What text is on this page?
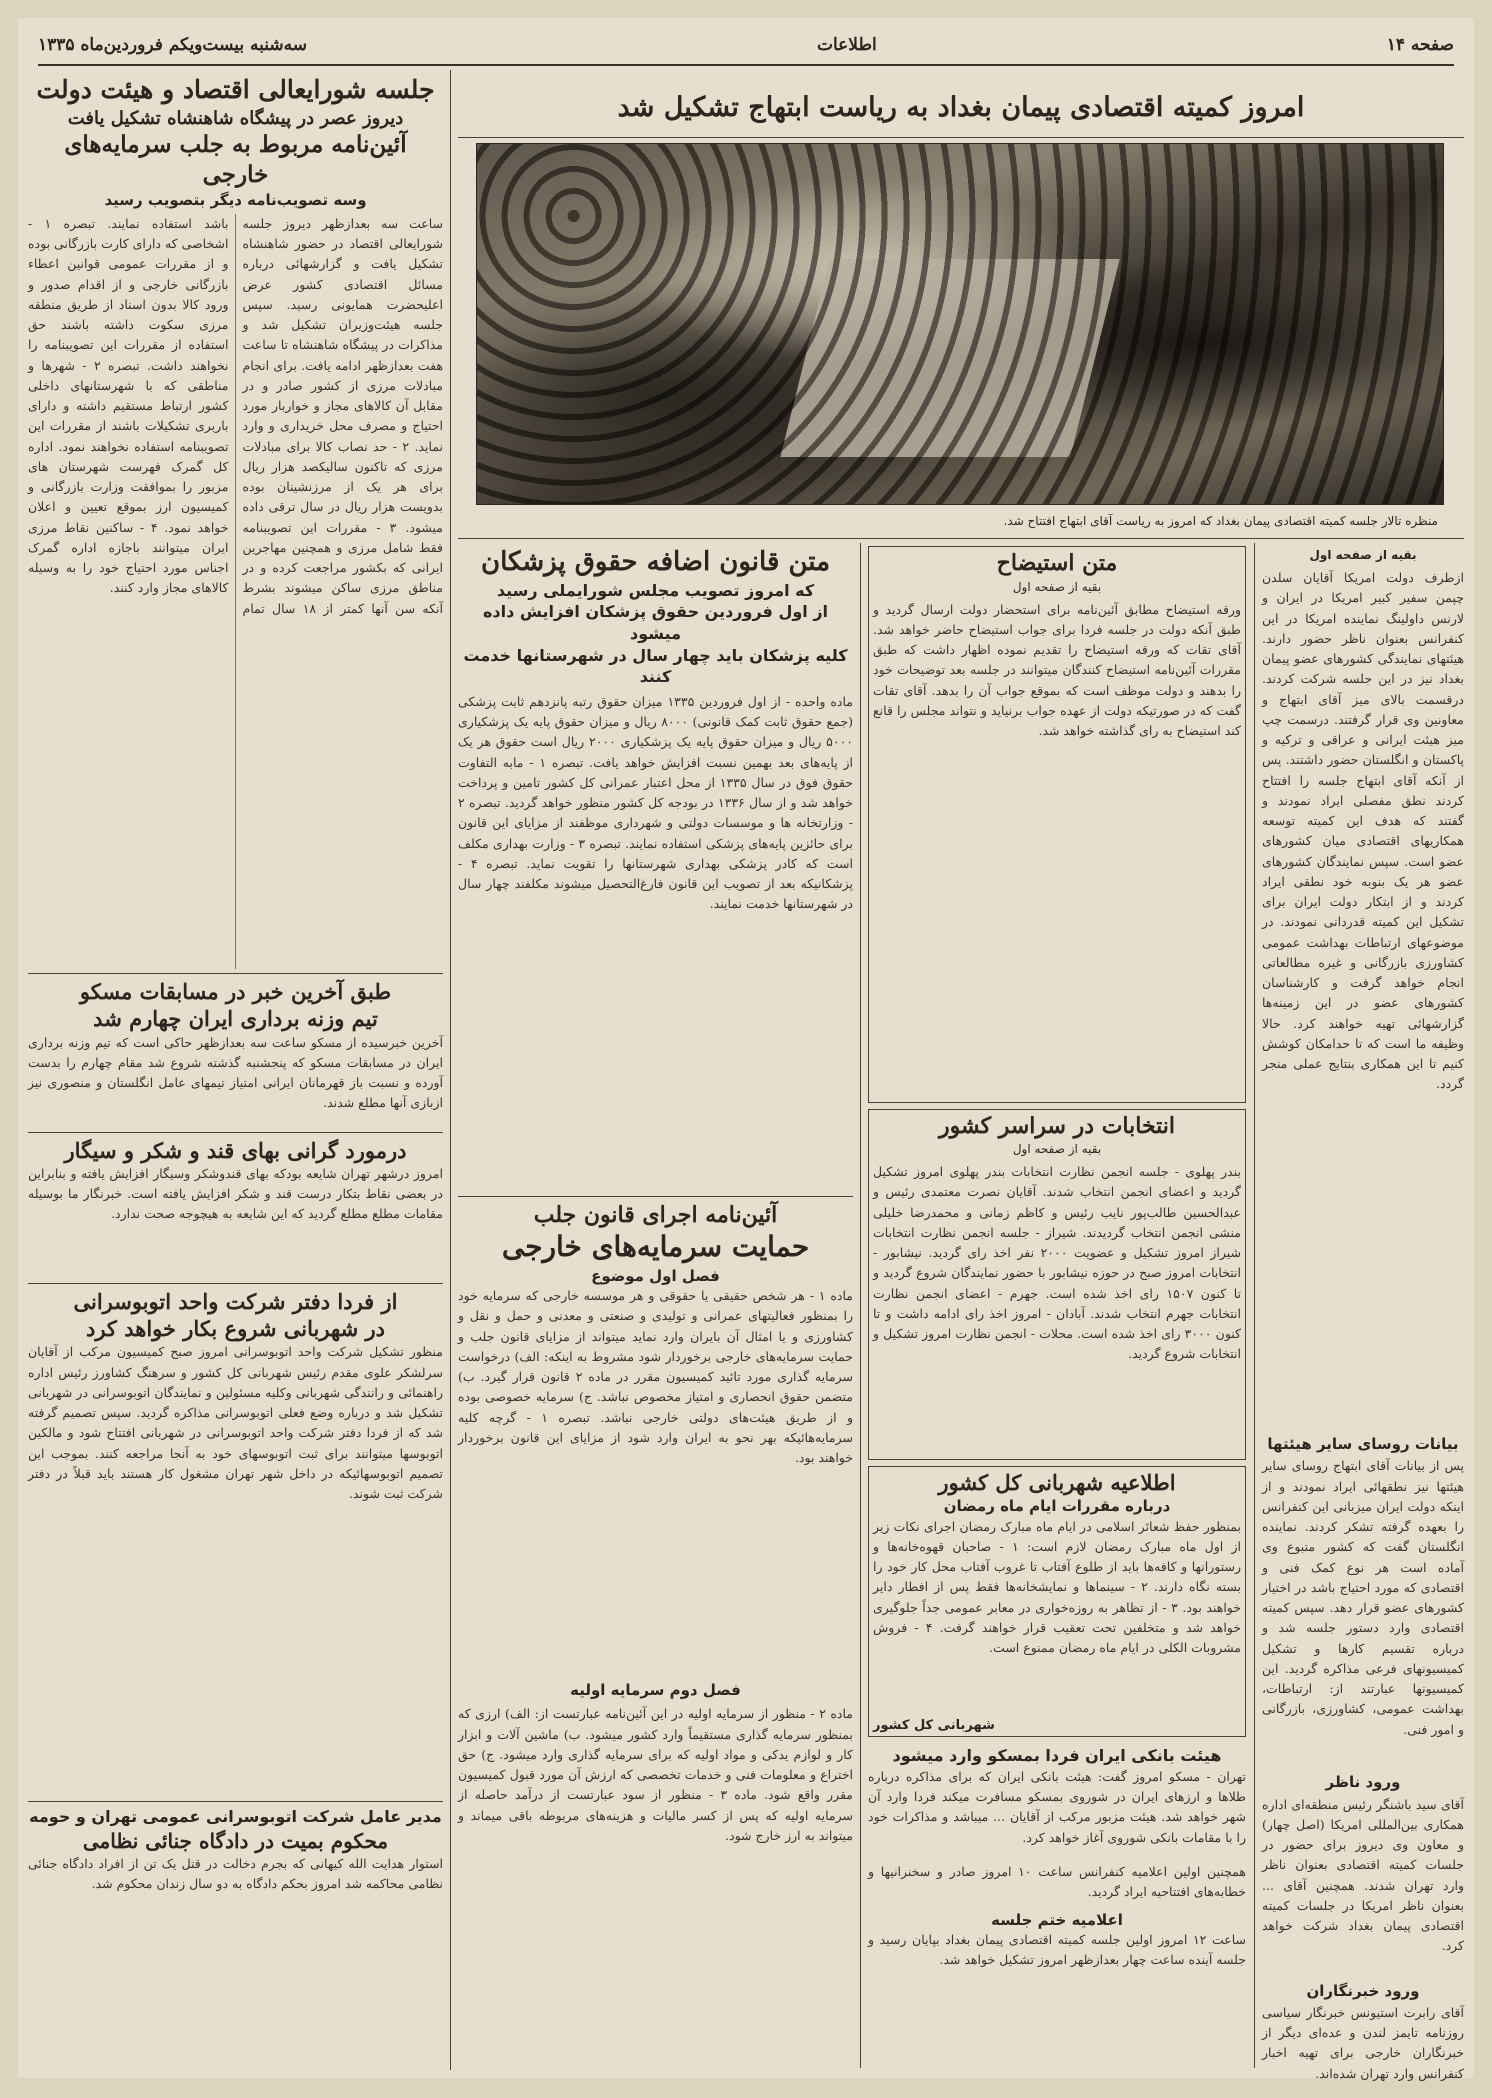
صفحه ۱۴
اطلاعات
سه‌شنبه بیست‌ویکم فروردین‌ماه ۱۳۳۵
امروز کمیته اقتصادی پیمان بغداد به ریاست ابتهاج تشکیل شد
منظره تالار جلسه کمیته اقتصادی پیمان بغداد که امروز به ریاست آقای ابتهاج افتتاح شد.
جلسه شورایعالی اقتصاد و هیئت دولت
دیروز عصر در پیشگاه شاهنشاه تشکیل یافت
آئین‌نامه مربوط به جلب سرمایه‌های خارجی
وسه تصویب‌نامه دیگر بتصویب رسید
ساعت سه بعدازظهر دیروز جلسه شورایعالی اقتصاد در حضور شاهنشاه تشکیل یافت و گزارشهائی درباره مسائل اقتصادی کشور عرض اعلیحضرت همایونی رسید. سپس جلسه هیئت‌وزیران تشکیل شد و مذاکرات در پیشگاه شاهنشاه تا ساعت هفت بعدازظهر ادامه یافت. برای انجام مبادلات مرزی از کشور صادر و در مقابل آن کالاهای مجاز و خواربار مورد احتیاج و مصرف محل خریداری و وارد نماید. ۲ - حد نصاب کالا برای مبادلات مرزی که تاکنون سالیکصد هزار ریال برای هر یک از مرزنشینان بوده بدویست هزار ریال در سال ترقی داده میشود. ۳ - مقررات این تصویبنامه فقط شامل مرزی و همچنین مهاجرین ایرانی که بکشور مراجعت کرده و در مناطق مرزی ساکن میشوند بشرط آنکه سن آنها کمتر از ۱۸ سال تمام باشد استفاده نمایند. تبصره ۱ - اشخاصی که دارای کارت بازرگانی بوده و از مقررات عمومی قوانین اعطاء بازرگانی خارجی و از اقدام صدور و ورود کالا بدون اسناد از طریق منطقه مرزی سکوت داشته باشند حق استفاده از مقررات این تصویبنامه را نخواهند داشت. تبصره ۲ - شهرها و مناطقی که با شهرستانهای داخلی کشور ارتباط مستقیم داشته و دارای باربری تشکیلات باشند از مقررات این تصویبنامه استفاده نخواهند نمود. اداره کل گمرک فهرست شهرستان های مزبور را بموافقت وزارت بازرگانی و کمیسیون ارز بموقع تعیین و اعلان خواهد نمود. ۴ - ساکنین نقاط مرزی ایران میتوانند باجازه اداره گمرک اجناس مورد احتیاج خود را به وسیله کالاهای مجاز وارد کنند.
طبق آخرین خبر در مسابقات مسکو
تیم وزنه برداری ایران چهارم شد
آخرین خبرسیده از مسکو ساعت سه بعدازظهر حاکی است که تیم وزنه برداری ایران در مسابقات مسکو که پنجشنبه گذشته شروع شد مقام چهارم را بدست آورده و نسبت باز قهرمانان ایرانی امتیاز تیمهای عامل انگلستان و منصوری نیز ازبازی آنها مطلع شدند.
درمورد گرانی بهای قند و شکر و سیگار
امروز درشهر تهران شایعه بودکه بهای قندوشکر وسیگار افزایش یافته و بنابراین در بعضی نقاط بتکار درست قند و شکر افزایش یافته است. خبرنگار ما بوسیله مقامات مطلع مطلع گردید که این شایعه به هیچوجه صحت ندارد.
از فردا دفتر شرکت واحد اتوبوسرانی
در شهربانی شروع بکار خواهد کرد
منظور تشکیل شرکت واحد اتوبوسرانی امروز صبح کمیسیون مرکب از آقایان سرلشکر علوی مقدم رئیس شهربانی کل کشور و سرهنگ کشاورز رئیس اداره راهنمائی و رانندگی شهربانی وکلیه مسئولین و نمایندگان اتوبوسرانی در شهربانی تشکیل شد و درباره وضع فعلی اتوبوسرانی مذاکره گردید. سپس تصمیم گرفته شد که از فردا دفتر شرکت واحد اتوبوسرانی در شهربانی افتتاح شود و مالکین اتوبوسها میتوانند برای ثبت اتوبوسهای خود به آنجا مراجعه کنند. بموجب این تصمیم اتوبوسهائیکه در داخل شهر تهران مشغول کار هستند باید قبلاً در دفتر شرکت ثبت شوند.
مدیر عامل شرکت اتوبوسرانی عمومی تهران و حومه
محکوم بمیت در دادگاه جنائی نظامی
استوار هدایت الله کیهانی که بجرم دخالت در قتل یک تن از افراد دادگاه جنائی نظامی محاکمه شد امروز بحکم دادگاه به دو سال زندان محکوم شد.
متن قانون اضافه حقوق پزشکان
که امروز تصویب مجلس شورایملی رسید
از اول فروردین حقوق پزشکان افزایش داده میشود
کلیه پزشکان باید چهار سال در شهرستانها خدمت کنند
ماده واحده - از اول فروردین ۱۳۳۵ میزان حقوق رتبه پانزدهم ثابت پزشکی (جمع حقوق ثابت کمک قانونی) ۸۰۰۰ ریال و میزان حقوق پایه یک پزشکیاری ۵۰۰۰ ریال و میزان حقوق پایه یک پزشکیاری ۲۰۰۰ ریال است حقوق هر یک از پایه‌های بعد بهمین نسبت افزایش خواهد یافت. تبصره ۱ - مابه التفاوت حقوق فوق در سال ۱۳۳۵ از محل اعتبار عمرانی کل کشور تامین و پرداخت خواهد شد و از سال ۱۳۳۶ در بودجه کل کشور منظور خواهد گردید. تبصره ۲ - وزارتخانه ها و موسسات دولتی و شهرداری موظفند از مزایای این قانون برای حائزین پایه‌های پزشکی استفاده نمایند. تبصره ۳ - وزارت بهداری مکلف است که کادر پزشکی بهداری شهرستانها را تقویت نماید. تبصره ۴ - پزشکانیکه بعد از تصویب این قانون فارغ‌التحصیل میشوند مکلفند چهار سال در شهرستانها خدمت نمایند.
آئین‌نامه اجرای قانون جلب
حمایت سرمایه‌های خارجی
فصل اول موضوع
ماده ۱ - هر شخص حقیقی یا حقوقی و هر موسسه خارجی که سرمایه خود را بمنظور فعالیتهای عمرانی و تولیدی و صنعتی و معدنی و حمل و نقل و کشاورزی و یا امثال آن بایران وارد نماید میتواند از مزایای قانون جلب و حمایت سرمایه‌های خارجی برخوردار شود مشروط به اینکه: الف) درخواست سرمایه گذاری مورد تائید کمیسیون مقرر در ماده ۲ قانون قرار گیرد. ب) متضمن حقوق انحصاری و امتیاز مخصوص نباشد. ج) سرمایه خصوصی بوده و از طریق هیئت‌های دولتی خارجی نباشد. تبصره ۱ - گرچه کلیه سرمایه‌هائیکه بهر نحو به ایران وارد شود از مزایای این قانون برخوردار خواهند بود.
فصل دوم سرمایه اولیه
ماده ۲ - منظور از سرمایه اولیه در این آئین‌نامه عبارتست از: الف) ارزی که بمنظور سرمایه گذاری مستقیماً وارد کشور میشود. ب) ماشین آلات و ابزار کار و لوازم یدکی و مواد اولیه که برای سرمایه گذاری وارد میشود. ج) حق اختراع و معلومات فنی و خدمات تخصصی که ارزش آن مورد قبول کمیسیون مقرر واقع شود. ماده ۳ - منظور از سود عبارتست از درآمد حاصله از سرمایه اولیه که پس از کسر مالیات و هزینه‌های مربوطه باقی میماند و میتواند به ارز خارج شود.
متن استیضاح
بقیه از صفحه اول
ورقه استیضاح مطابق آئین‌نامه برای استحضار دولت ارسال گردید و طبق آنکه دولت در جلسه فردا برای جواب استیضاح حاضر خواهد شد. آقای تقات که ورقه استیضاح را تقدیم نموده اظهار داشت که طبق مقررات آئین‌نامه استیضاح کنندگان میتوانند در جلسه بعد توضیحات خود را بدهند و دولت موظف است که بموقع جواب آن را بدهد. آقای تقات گفت که در صورتیکه دولت از عهده جواب برنیاید و نتواند مجلس را قانع کند استیضاح به رای گذاشته خواهد شد.
انتخابات در سراسر کشور
بقیه از صفحه اول
بندر پهلوی - جلسه انجمن نظارت انتخابات بندر پهلوی امروز تشکیل گردید و اعضای انجمن انتخاب شدند. آقایان نصرت معتمدی رئیس و عبدالحسین طالب‌پور نایب رئیس و کاظم زمانی و محمدرضا خلیلی منشی انجمن انتخاب گردیدند. شیراز - جلسه انجمن نظارت انتخابات شیراز امروز تشکیل و عضویت ۲۰۰۰ نفر اخذ رای گردید. نیشابور - انتخابات امروز صبح در حوزه نیشابور با حضور نمایندگان شروع گردید و تا کنون ۱۵۰۷ رای اخذ شده است. جهرم - اعضای انجمن نظارت انتخابات جهرم انتخاب شدند. آبادان - امروز اخذ رای ادامه داشت و تا کنون ۳۰۰۰ رای اخذ شده است. محلات - انجمن نظارت امروز تشکیل و انتخابات شروع گردید.
اطلاعیه شهربانی کل کشور
درباره مقررات ایام ماه رمضان
بمنظور حفظ شعائر اسلامی در ایام ماه مبارک رمضان اجرای نکات زیر از اول ماه مبارک رمضان لازم است: ۱ - صاحبان قهوه‌خانه‌ها و رستورانها و کافه‌ها باید از طلوع آفتاب تا غروب آفتاب محل کار خود را بسته نگاه دارند. ۲ - سینماها و نمایشخانه‌ها فقط پس از افطار دایر خواهند بود. ۳ - از تظاهر به روزه‌خواری در معابر عمومی جداً جلوگیری خواهد شد و متخلفین تحت تعقیب قرار خواهند گرفت. ۴ - فروش مشروبات الکلی در ایام ماه رمضان ممنوع است.
شهربانی کل کشور
هیئت بانکی ایران فردا بمسکو وارد میشود
تهران - مسکو امروز گفت: هیئت بانکی ایران که برای مذاکره درباره طلاها و ارزهای ایران در شوروی بمسکو مسافرت میکند فردا وارد آن شهر خواهد شد. هیئت مزبور مرکب از آقایان ... میباشد و مذاکرات خود را با مقامات بانکی شوروی آغاز خواهد کرد.
همچنین اولین اعلامیه کنفرانس ساعت ۱۰ امروز صادر و سخنرانیها و خطابه‌های افتتاحیه ایراد گردید.
اعلامیه ختم جلسه
ساعت ۱۲ امروز اولین جلسه کمیته اقتصادی پیمان بغداد بپایان رسید و جلسه آینده ساعت چهار بعدازظهر امروز تشکیل خواهد شد.
بقیه از صفحه اول
ازطرف دولت امریکا آقایان سلدن چپمن سفیر کبیر امریکا در ایران و لارنس داولینگ نماینده امریکا در این کنفرانس بعنوان ناظر حضور دارند. هیئتهای نمایندگی کشورهای عضو پیمان بغداد نیز در این جلسه شرکت کردند. درقسمت بالای میز آقای ابتهاج و معاونین وی قرار گرفتند. درسمت چپ میز هیئت ایرانی و عراقی و ترکیه و پاکستان و انگلستان حضور داشتند. پس از آنکه آقای ابتهاج جلسه را افتتاح کردند نطق مفصلی ایراد نمودند و گفتند که هدف این کمیته توسعه همکاریهای اقتصادی میان کشورهای عضو است. سپس نمایندگان کشورهای عضو هر یک بنوبه خود نطقی ایراد کردند و از ابتکار دولت ایران برای تشکیل این کمیته قدردانی نمودند. در موضوعهای ارتباطات بهداشت عمومی کشاورزی بازرگانی و غیره مطالعاتی انجام خواهد گرفت و کارشناسان کشورهای عضو در این زمینه‌ها گزارشهائی تهیه خواهند کرد. حالا وظیفه ما است که تا حدامکان کوشش کنیم تا این همکاری بنتایج عملی منجر گردد.
بیانات روسای سایر هیئتها
پس از بیانات آقای ابتهاج روسای سایر هیئتها نیز نطقهائی ایراد نمودند و از اینکه دولت ایران میزبانی این کنفرانس را بعهده گرفته تشکر کردند. نماینده انگلستان گفت که کشور متبوع وی آماده است هر نوع کمک فنی و اقتصادی که مورد احتیاج باشد در اختیار کشورهای عضو قرار دهد. سپس کمیته اقتصادی وارد دستور جلسه شد و درباره تقسیم کارها و تشکیل کمیسیونهای فرعی مذاکره گردید. این کمیسیونها عبارتند از: ارتباطات، بهداشت عمومی، کشاورزی، بازرگانی و امور فنی.
ورود ناظر
آقای سید باشنگر رئیس منطقه‌ای اداره همکاری بین‌المللی امریکا (اصل چهار) و معاون وی دیروز برای حضور در جلسات کمیته اقتصادی بعنوان ناظر وارد تهران شدند. همچنین آقای ... بعنوان ناظر امریکا در جلسات کمیته اقتصادی پیمان بغداد شرکت خواهد کرد.
ورود خبرنگاران
آقای رابرت استیونس خبرنگار سیاسی روزنامه تایمز لندن و عده‌ای دیگر از خبرنگاران خارجی برای تهیه اخبار کنفرانس وارد تهران شده‌اند.
